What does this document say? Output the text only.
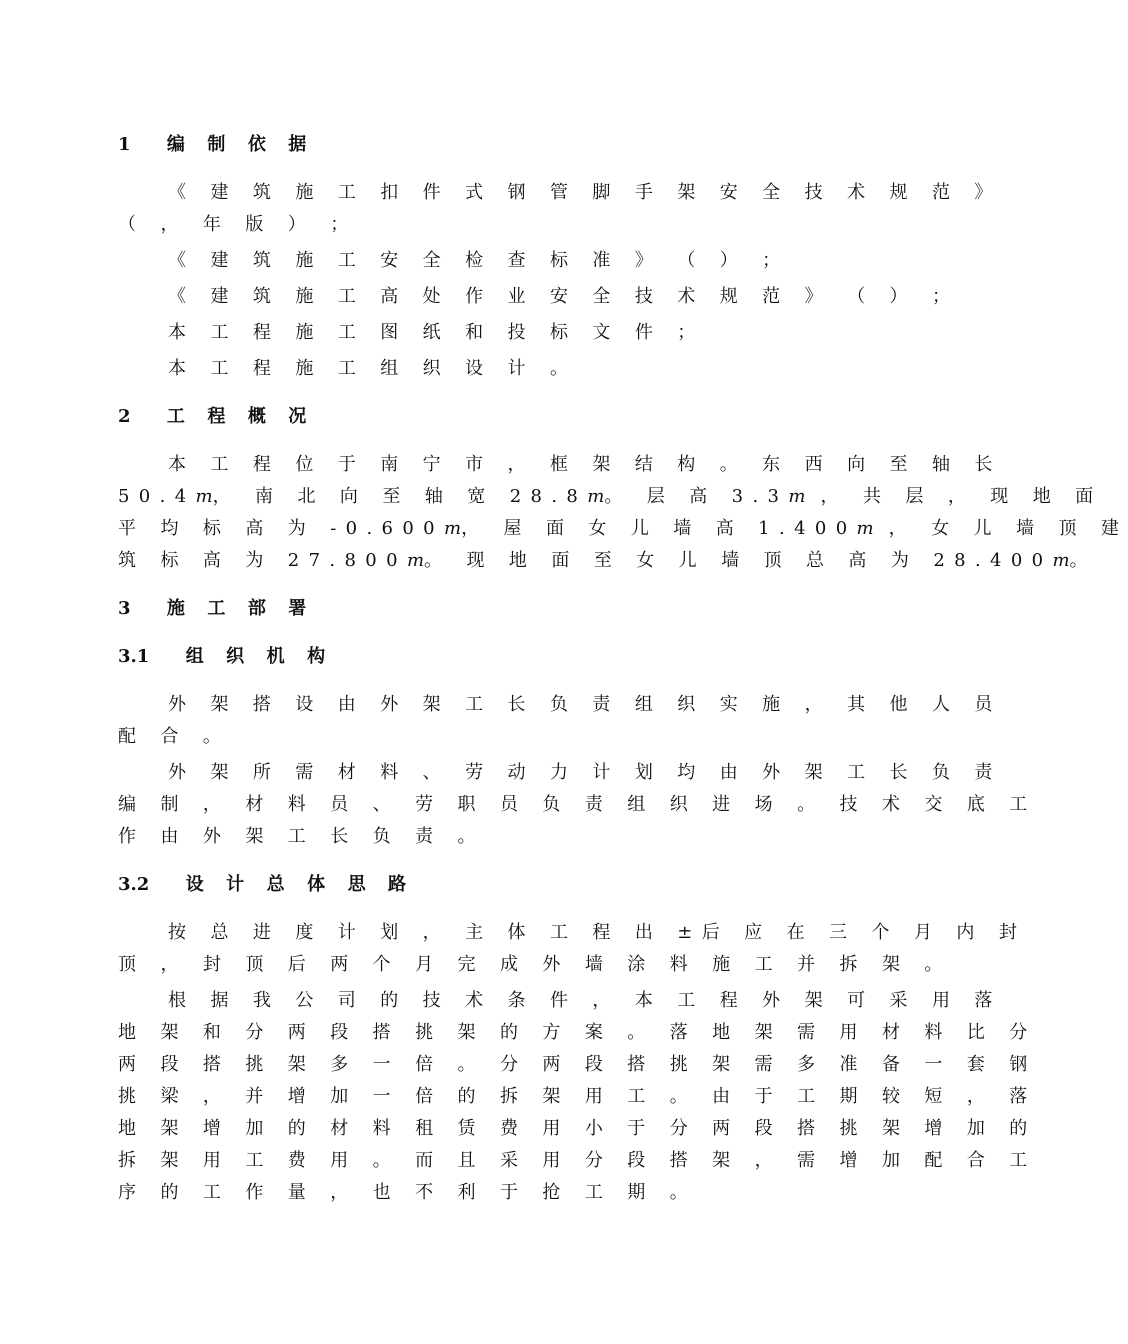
1 编 制 依 据
《 建 筑 施 工 扣 件 式 钢 管 脚 手 架 安 全 技 术 规 范 》
（ ， 年 版 ） ；
《 建 筑 施 工 安 全 检 查 标 准 》 （ ） ；
《 建 筑 施 工 高 处 作 业 安 全 技 术 规 范 》 （ ） ；
本 工 程 施 工 图 纸 和 投 标 文 件 ；
本 工 程 施 工 组 织 设 计 。
2 工 程 概 况
本 工 程 位 于 南 宁 市 ， 框 架 结 构 。 东 西 向 至 轴 长
50.4m， 南 北 向 至 轴 宽 28.8m。 层 高 3.3m ， 共 层 ， 现 地 面
平 均 标 高 为 -0.600m， 屋 面 女 儿 墙 高 1.400m ， 女 儿 墙 顶 建
筑 标 高 为 27.800m。 现 地 面 至 女 儿 墙 顶 总 高 为 28.400m。
3 施 工 部 署
3.1 组 织 机 构
外 架 搭 设 由 外 架 工 长 负 责 组 织 实 施 ， 其 他 人 员
配 合 。
外 架 所 需 材 料 、 劳 动 力 计 划 均 由 外 架 工 长 负 责
编 制 ， 材 料 员 、 劳 职 员 负 责 组 织 进 场 。 技 术 交 底 工
作 由 外 架 工 长 负 责 。
3.2 设 计 总 体 思 路
按 总 进 度 计 划 ， 主 体 工 程 出 ±后 应 在 三 个 月 内 封
顶 ， 封 顶 后 两 个 月 完 成 外 墙 涂 料 施 工 并 拆 架 。
根 据 我 公 司 的 技 术 条 件 ， 本 工 程 外 架 可 采 用 落
地 架 和 分 两 段 搭 挑 架 的 方 案 。 落 地 架 需 用 材 料 比 分
两 段 搭 挑 架 多 一 倍 。 分 两 段 搭 挑 架 需 多 准 备 一 套 钢
挑 梁 ， 并 增 加 一 倍 的 拆 架 用 工 。 由 于 工 期 较 短 ， 落
地 架 增 加 的 材 料 租 赁 费 用 小 于 分 两 段 搭 挑 架 增 加 的
拆 架 用 工 费 用 。 而 且 采 用 分 段 搭 架 ， 需 增 加 配 合 工
序 的 工 作 量 ， 也 不 利 于 抢 工 期 。
